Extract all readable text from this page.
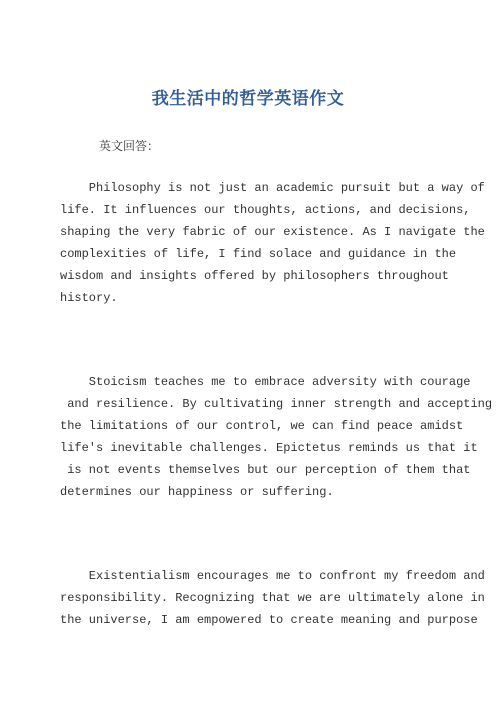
我生活中的哲学英语作文

英文回答：

Philosophy is not just an academic pursuit but a way of
life. It influences our thoughts, actions, and decisions,
shaping the very fabric of our existence. As I navigate the
complexities of life, I find solace and guidance in the
wisdom and insights offered by philosophers throughout
history.

Stoicism teaches me to embrace adversity with courage
and resilience. By cultivating inner strength and accepting
the limitations of our control, we can find peace amidst
life's inevitable challenges. Epictetus reminds us that it
is not events themselves but our perception of them that
determines our happiness or suffering.

Existentialism encourages me to confront my freedom and
responsibility. Recognizing that we are ultimately alone in
the universe, I am empowered to create meaning and purpose
